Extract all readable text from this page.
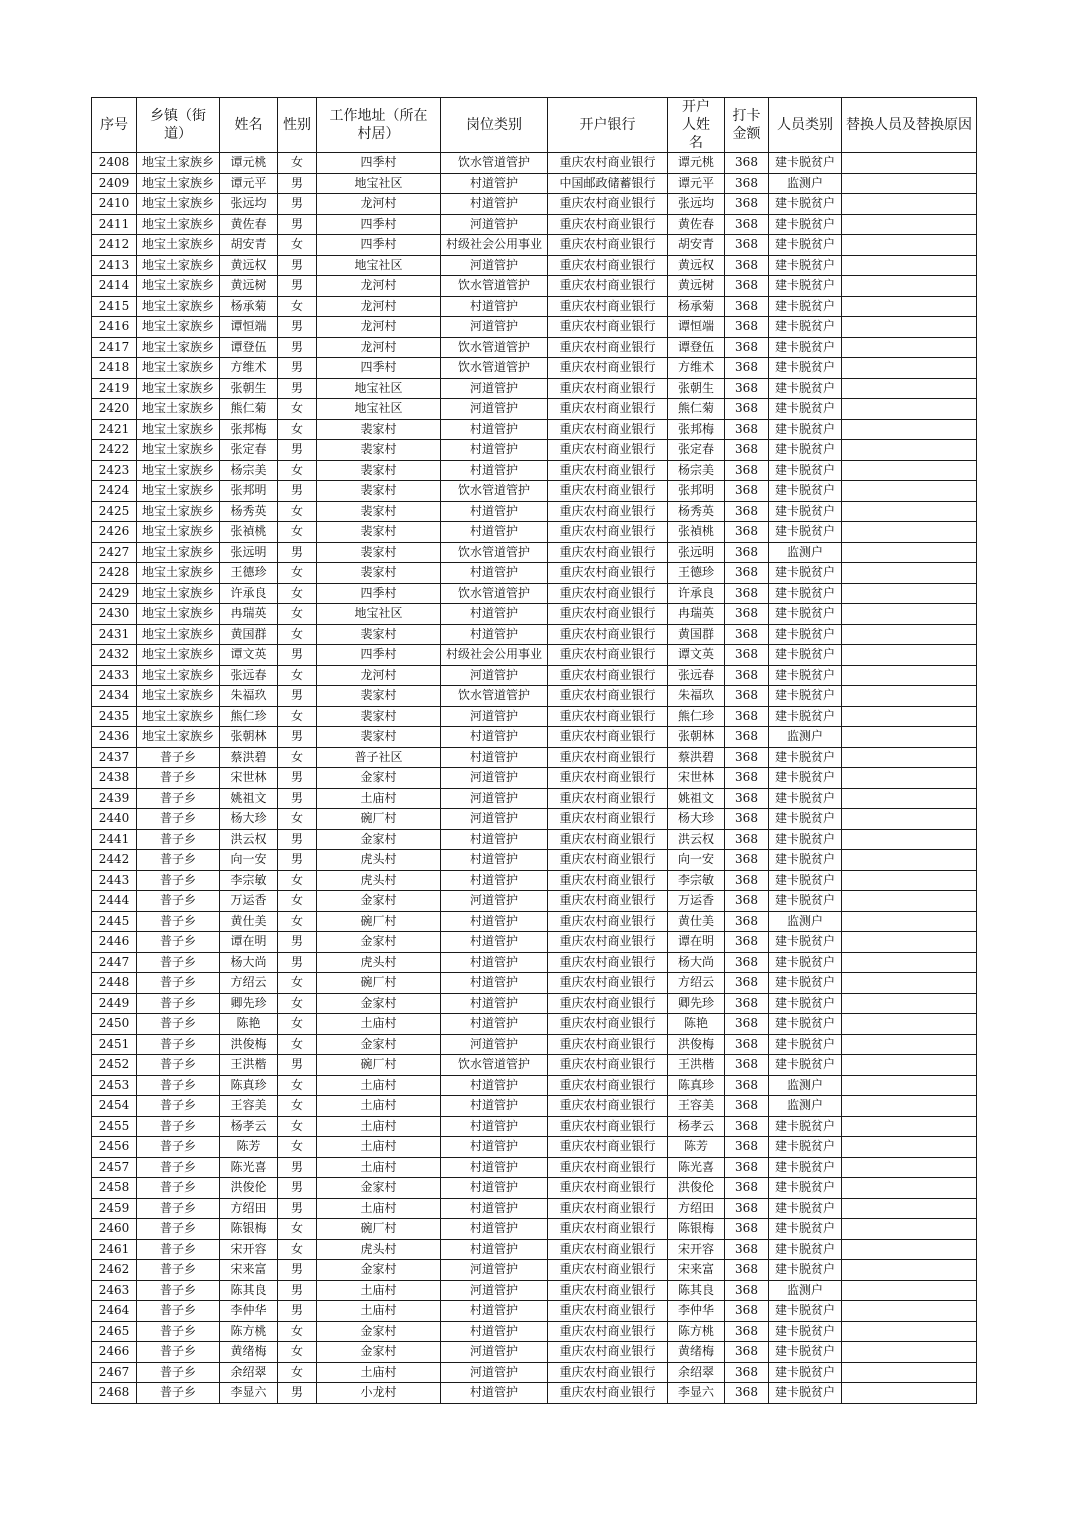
序号	乡镇（街道）	姓名	性别	工作地址（所在村居）	岗位类别	开户银行	开户人姓名	打卡金额	人员类别	替换人员及替换原因
2408	地宝土家族乡	谭元桃	女	四季村	饮水管道管护	重庆农村商业银行	谭元桃	368	建卡脱贫户	
2409	地宝土家族乡	谭元平	男	地宝社区	村道管护	中国邮政储蓄银行	谭元平	368	监测户	
2410	地宝土家族乡	张远均	男	龙河村	村道管护	重庆农村商业银行	张远均	368	建卡脱贫户	
2411	地宝土家族乡	黄佐春	男	四季村	河道管护	重庆农村商业银行	黄佐春	368	建卡脱贫户	
2412	地宝土家族乡	胡安青	女	四季村	村级社会公用事业	重庆农村商业银行	胡安青	368	建卡脱贫户	
2413	地宝土家族乡	黄远权	男	地宝社区	河道管护	重庆农村商业银行	黄远权	368	建卡脱贫户	
2414	地宝土家族乡	黄远树	男	龙河村	饮水管道管护	重庆农村商业银行	黄远树	368	建卡脱贫户	
2415	地宝土家族乡	杨承菊	女	龙河村	村道管护	重庆农村商业银行	杨承菊	368	建卡脱贫户	
2416	地宝土家族乡	谭恒端	男	龙河村	河道管护	重庆农村商业银行	谭恒端	368	建卡脱贫户	
2417	地宝土家族乡	谭登伍	男	龙河村	饮水管道管护	重庆农村商业银行	谭登伍	368	建卡脱贫户	
2418	地宝土家族乡	方维术	男	四季村	饮水管道管护	重庆农村商业银行	方维术	368	建卡脱贫户	
2419	地宝土家族乡	张朝生	男	地宝社区	河道管护	重庆农村商业银行	张朝生	368	建卡脱贫户	
2420	地宝土家族乡	熊仁菊	女	地宝社区	河道管护	重庆农村商业银行	熊仁菊	368	建卡脱贫户	
2421	地宝土家族乡	张邦梅	女	裴家村	村道管护	重庆农村商业银行	张邦梅	368	建卡脱贫户	
2422	地宝土家族乡	张定春	男	裴家村	村道管护	重庆农村商业银行	张定春	368	建卡脱贫户	
2423	地宝土家族乡	杨宗美	女	裴家村	村道管护	重庆农村商业银行	杨宗美	368	建卡脱贫户	
2424	地宝土家族乡	张邦明	男	裴家村	饮水管道管护	重庆农村商业银行	张邦明	368	建卡脱贫户	
2425	地宝土家族乡	杨秀英	女	裴家村	村道管护	重庆农村商业银行	杨秀英	368	建卡脱贫户	
2426	地宝土家族乡	张禎桃	女	裴家村	村道管护	重庆农村商业银行	张禎桃	368	建卡脱贫户	
2427	地宝土家族乡	张远明	男	裴家村	饮水管道管护	重庆农村商业银行	张远明	368	监测户	
2428	地宝土家族乡	王德珍	女	裴家村	村道管护	重庆农村商业银行	王德珍	368	建卡脱贫户	
2429	地宝土家族乡	许承良	女	四季村	饮水管道管护	重庆农村商业银行	许承良	368	建卡脱贫户	
2430	地宝土家族乡	冉瑞英	女	地宝社区	村道管护	重庆农村商业银行	冉瑞英	368	建卡脱贫户	
2431	地宝土家族乡	黄国群	女	裴家村	村道管护	重庆农村商业银行	黄国群	368	建卡脱贫户	
2432	地宝土家族乡	谭文英	男	四季村	村级社会公用事业	重庆农村商业银行	谭文英	368	建卡脱贫户	
2433	地宝土家族乡	张远春	女	龙河村	河道管护	重庆农村商业银行	张远春	368	建卡脱贫户	
2434	地宝土家族乡	朱福玖	男	裴家村	饮水管道管护	重庆农村商业银行	朱福玖	368	建卡脱贫户	
2435	地宝土家族乡	熊仁珍	女	裴家村	河道管护	重庆农村商业银行	熊仁珍	368	建卡脱贫户	
2436	地宝土家族乡	张朝林	男	裴家村	村道管护	重庆农村商业银行	张朝林	368	监测户	
2437	普子乡	蔡洪碧	女	普子社区	村道管护	重庆农村商业银行	蔡洪碧	368	建卡脱贫户	
2438	普子乡	宋世林	男	金家村	河道管护	重庆农村商业银行	宋世林	368	建卡脱贫户	
2439	普子乡	姚祖文	男	土庙村	河道管护	重庆农村商业银行	姚祖文	368	建卡脱贫户	
2440	普子乡	杨大珍	女	碗厂村	河道管护	重庆农村商业银行	杨大珍	368	建卡脱贫户	
2441	普子乡	洪云权	男	金家村	村道管护	重庆农村商业银行	洪云权	368	建卡脱贫户	
2442	普子乡	向一安	男	虎头村	村道管护	重庆农村商业银行	向一安	368	建卡脱贫户	
2443	普子乡	李宗敏	女	虎头村	村道管护	重庆农村商业银行	李宗敏	368	建卡脱贫户	
2444	普子乡	万运香	女	金家村	河道管护	重庆农村商业银行	万运香	368	建卡脱贫户	
2445	普子乡	黄仕美	女	碗厂村	村道管护	重庆农村商业银行	黄仕美	368	监测户	
2446	普子乡	谭在明	男	金家村	村道管护	重庆农村商业银行	谭在明	368	建卡脱贫户	
2447	普子乡	杨大尚	男	虎头村	村道管护	重庆农村商业银行	杨大尚	368	建卡脱贫户	
2448	普子乡	方绍云	女	碗厂村	村道管护	重庆农村商业银行	方绍云	368	建卡脱贫户	
2449	普子乡	卿先珍	女	金家村	村道管护	重庆农村商业银行	卿先珍	368	建卡脱贫户	
2450	普子乡	陈艳	女	土庙村	村道管护	重庆农村商业银行	陈艳	368	建卡脱贫户	
2451	普子乡	洪俊梅	女	金家村	河道管护	重庆农村商业银行	洪俊梅	368	建卡脱贫户	
2452	普子乡	王洪楷	男	碗厂村	饮水管道管护	重庆农村商业银行	王洪楷	368	建卡脱贫户	
2453	普子乡	陈真珍	女	土庙村	村道管护	重庆农村商业银行	陈真珍	368	监测户	
2454	普子乡	王容美	女	土庙村	村道管护	重庆农村商业银行	王容美	368	监测户	
2455	普子乡	杨孝云	女	土庙村	村道管护	重庆农村商业银行	杨孝云	368	建卡脱贫户	
2456	普子乡	陈芳	女	土庙村	村道管护	重庆农村商业银行	陈芳	368	建卡脱贫户	
2457	普子乡	陈光喜	男	土庙村	村道管护	重庆农村商业银行	陈光喜	368	建卡脱贫户	
2458	普子乡	洪俊伦	男	金家村	村道管护	重庆农村商业银行	洪俊伦	368	建卡脱贫户	
2459	普子乡	方绍田	男	土庙村	村道管护	重庆农村商业银行	方绍田	368	建卡脱贫户	
2460	普子乡	陈银梅	女	碗厂村	村道管护	重庆农村商业银行	陈银梅	368	建卡脱贫户	
2461	普子乡	宋开容	女	虎头村	村道管护	重庆农村商业银行	宋开容	368	建卡脱贫户	
2462	普子乡	宋来富	男	金家村	河道管护	重庆农村商业银行	宋来富	368	建卡脱贫户	
2463	普子乡	陈其良	男	土庙村	河道管护	重庆农村商业银行	陈其良	368	监测户	
2464	普子乡	李仲华	男	土庙村	村道管护	重庆农村商业银行	李仲华	368	建卡脱贫户	
2465	普子乡	陈方桃	女	金家村	村道管护	重庆农村商业银行	陈方桃	368	建卡脱贫户	
2466	普子乡	黄绪梅	女	金家村	河道管护	重庆农村商业银行	黄绪梅	368	建卡脱贫户	
2467	普子乡	余绍翠	女	土庙村	河道管护	重庆农村商业银行	余绍翠	368	建卡脱贫户	
2468	普子乡	李显六	男	小龙村	村道管护	重庆农村商业银行	李显六	368	建卡脱贫户	
